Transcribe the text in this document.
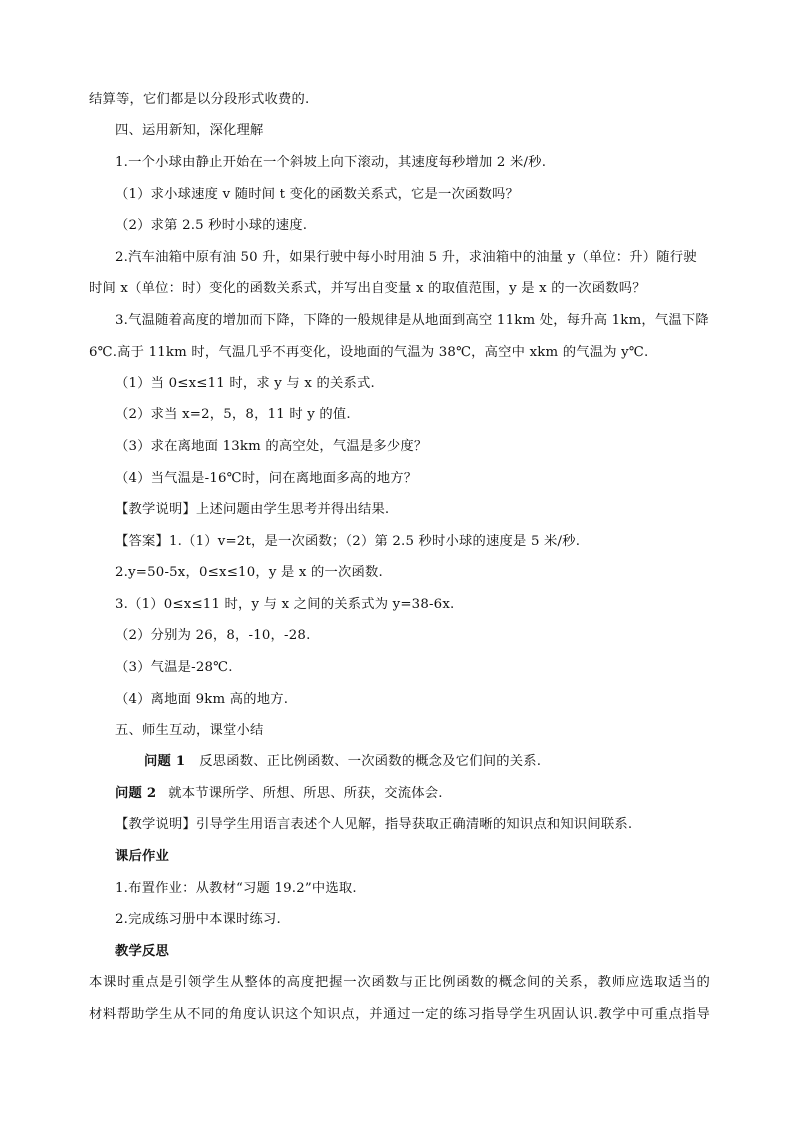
结算等，它们都是以分段形式收费的.
四、运用新知，深化理解
1.一个小球由静止开始在一个斜坡上向下滚动，其速度每秒增加 2 米/秒.
（1）求小球速度 v 随时间 t 变化的函数关系式，它是一次函数吗？
（2）求第 2.5 秒时小球的速度.
2.汽车油箱中原有油 50 升，如果行驶中每小时用油 5 升，求油箱中的油量 y（单位：升）随行驶
时间 x（单位：时）变化的函数关系式，并写出自变量 x 的取值范围，y 是 x 的一次函数吗？
3.气温随着高度的增加而下降，下降的一般规律是从地面到高空 11km 处，每升高 1km，气温下降
6℃.高于 11km 时，气温几乎不再变化，设地面的气温为 38℃，高空中 xkm 的气温为 y℃.
（1）当 0≤x≤11 时，求 y 与 x 的关系式.
（2）求当 x=2，5，8，11 时 y 的值.
（3）求在离地面 13km 的高空处，气温是多少度？
（4）当气温是-16℃时，问在离地面多高的地方？
【教学说明】上述问题由学生思考并得出结果.
【答案】1.（1）v=2t，是一次函数；（2）第 2.5 秒时小球的速度是 5 米/秒.
2.y=50-5x，0≤x≤10，y 是 x 的一次函数.
3.（1）0≤x≤11 时，y 与 x 之间的关系式为 y=38-6x.
（2）分别为 26，8，-10，-28.
（3）气温是-28℃.
（4）离地面 9km 高的地方.
五、师生互动，课堂小结
问题 1 反思函数、正比例函数、一次函数的概念及它们间的关系.
问题 2 就本节课所学、所想、所思、所获，交流体会.
【教学说明】引导学生用语言表述个人见解，指导获取正确清晰的知识点和知识间联系.
课后作业
1.布置作业：从教材“习题 19.2”中选取.
2.完成练习册中本课时练习.
教学反思
本课时重点是引领学生从整体的高度把握一次函数与正比例函数的概念间的关系，教师应选取适当的
材料帮助学生从不同的角度认识这个知识点，并通过一定的练习指导学生巩固认识.教学中可重点指导
